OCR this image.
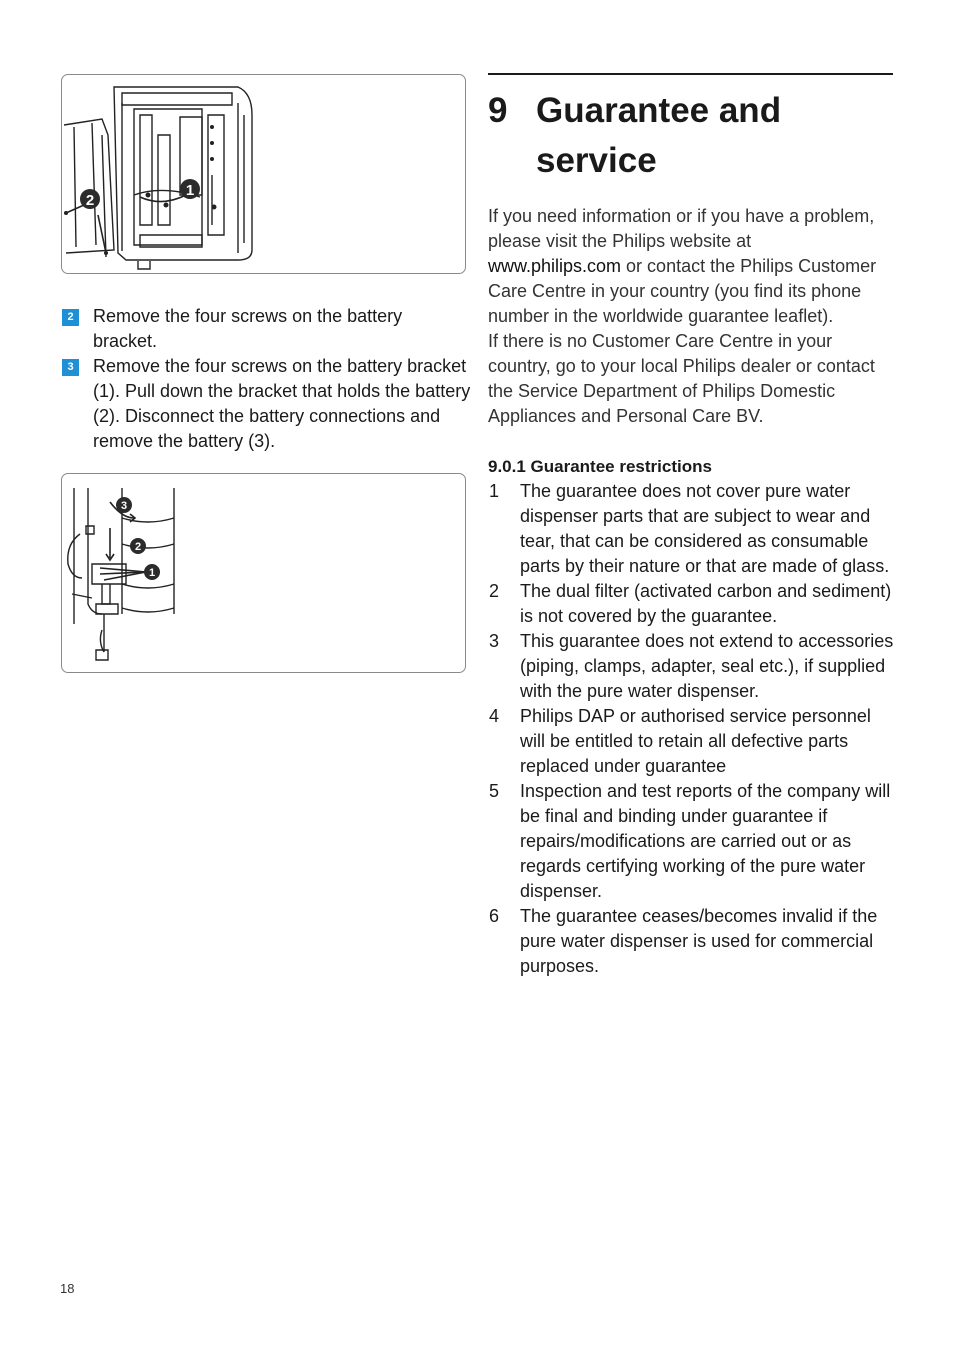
2
1
2	Remove the four screws on the battery bracket.
3	Remove the four screws on the battery bracket (1). Pull down the bracket that holds the battery (2). Disconnect the battery connections and remove the battery (3).
3
2
1
9 Guarantee and service

If you need information or if you have a problem, please visit the Philips website at
www.philips.com or contact the Philips Customer Care Centre in your country (you find its phone number in the worldwide guarantee leaflet).

If there is no Customer Care Centre in your country, go to your local Philips dealer or contact the Service Department of Philips Domestic Appliances and Personal Care BV.

9.0.1 Guarantee restrictions
1 The guarantee does not cover pure water dispenser parts that are subject to wear and tear, that can be considered as consumable parts by their nature or that are made of glass.
2 The dual filter (activated carbon and sediment) is not covered by the guarantee.
3 This guarantee does not extend to accessories (piping, clamps, adapter, seal etc.), if supplied with the pure water dispenser.
4 Philips DAP or authorised service personnel will be entitled to retain all defective parts replaced under guarantee
5 Inspection and test reports of the company will be final and binding under guarantee if repairs/modifications are carried out or as regards certifying working of the pure water dispenser.
6 The guarantee ceases/becomes invalid if the pure water dispenser is used for commercial purposes.
18
